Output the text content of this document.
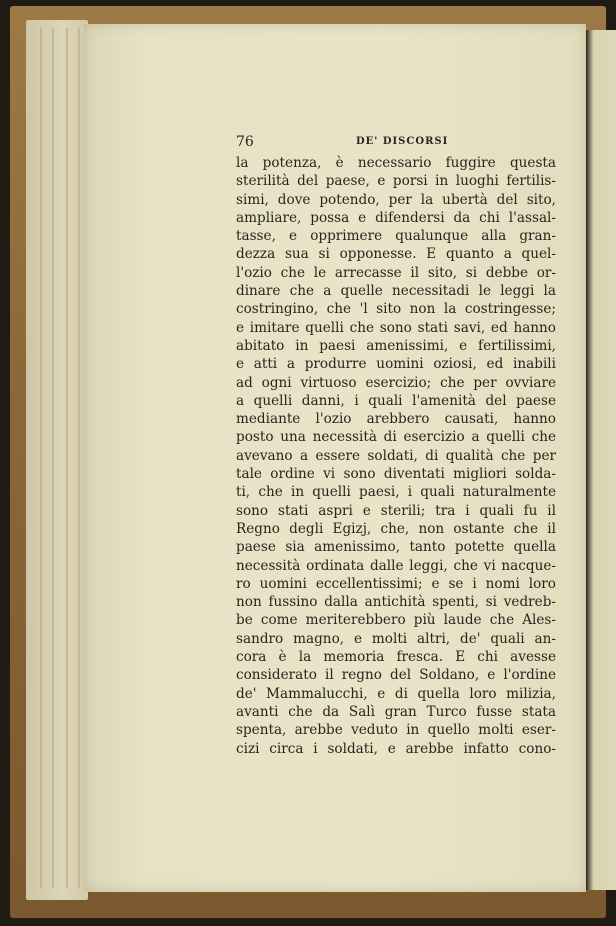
76	DE' DISCORSI
la potenza, è necessario fuggire questa
sterilità del paese, e porsi in luoghi fertilis-
simi, dove potendo, per la ubertà del sito,
ampliare, possa e difendersi da chi l'assal-
tasse, e opprimere qualunque alla gran-
dezza sua si opponesse. E quanto a quel-
l'ozio che le arrecasse il sito, si debbe or-
dinare che a quelle necessitadi le leggi la
costringino, che 'l sito non la costringesse;
e imitare quelli che sono stati savi, ed hanno
abitato in paesi amenissimi, e fertilissimi,
e atti a produrre uomini oziosi, ed inabili
ad ogni virtuoso esercizio; che per ovviare
a quelli danni, i quali l'amenità del paese
mediante l'ozio arebbero causati, hanno
posto una necessità di esercizio a quelli che
avevano a essere soldati, di qualità che per
tale ordine vi sono diventati migliori solda-
ti, che in quelli paesi, i quali naturalmente
sono stati aspri e sterili; tra i quali fu il
Regno degli Egizj, che, non ostante che il
paese sia amenissimo, tanto potette quella
necessità ordinata dalle leggi, che vi nacque-
ro uomini eccellentissimi; e se i nomi loro
non fussino dalla antichità spenti, si vedreb-
be come meriterebbero più laude che Ales-
sandro magno, e molti altri, de' quali an-
cora è la memoria fresca. E chi avesse
considerato il regno del Soldano, e l'ordine
de' Mammalucchi, e di quella loro milizia,
avanti che da Salì gran Turco fusse stata
spenta, arebbe veduto in quello molti eser-
cizi circa i soldati, e arebbe infatto cono-
